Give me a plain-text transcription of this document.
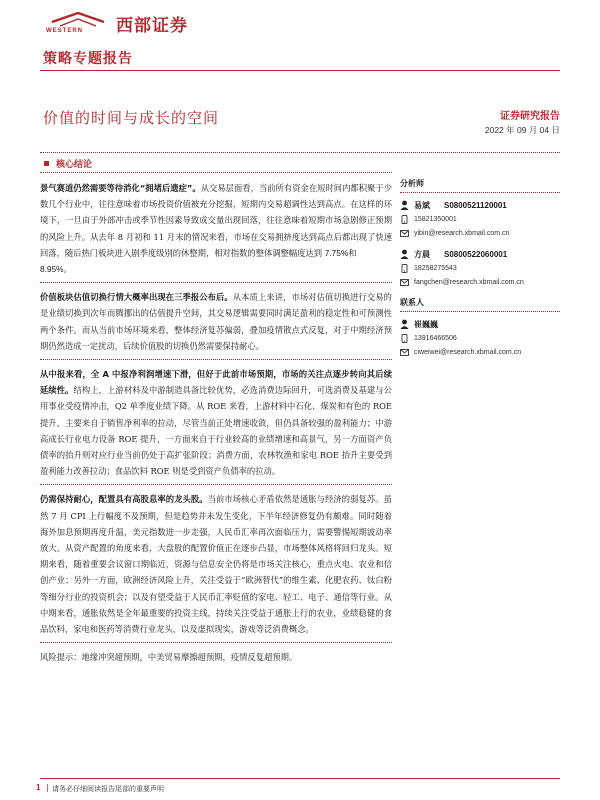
WESTERN 西部证券
策略专题报告
价值的时间与成长的空间	证券研究报告
2022 年 09 月 04 日
核心结论

景气赛道仍然需要等待消化“拥堵后遗症”。从交易层面看，当前所有资金在短时间内都积聚于少数几个行业中，往往意味着市场投资价值被充分挖掘，短期内交易超调性达到高点。在这样的环境下，一旦由于外部冲击或季节性因素导致成交量出现回落，往往意味着短期市场急剧修正预期的风险上升。从去年 8 月初和 11 月末的情况来看，市场在交易拥挤度达到高点后都出现了快速回落，随后热门板块进入剧季度级别的休整期，相对指数的整体调整幅度达到 7.75%和
8.95%。

价值板块估值切换行情大概率出现在三季报公布后。从本质上来讲，市场对估值切换进行交易的是业绩切换到次年而腾挪出的估值提升空间，其交易逻辑需要同时满足盈利的稳定性和可预测性两个条件。而从当前市场环境来看，整体经济复苏偏弱，叠加疫情散点式反复，对于中期经济预期仍然造成一定扰动，后续价值股的切换仍然需要保持耐心。

从中报来看，全 A 中报净利润增速下滑，但好于此前市场预期，市场的关注点逐步转向其后续延续性。结构上，上游材料及中游制造具备比较优势，必选消费边际回升，可选消费及基建与公用事业受疫情冲击，Q2 单季度业绩下降。从 ROE 来看，上游材料中石化、煤炭和有色的 ROE 提升，主要来自于销售净利率的拉动，尽管当前正处增速收敛，但仍具备较强的盈利能力；中游高成长行业电力设备 ROE 提升，一方面来自于行业较高的业绩增速和高景气，另一方面资产负债率的抬升则对应行业当前仍处于高扩张阶段；消费方面，农林牧渔和家电 ROE 抬升主要受到盈利能力改善拉动；食品饮料 ROE 则是受到资产负债率的拉动。

仍需保持耐心，配置具有高股息率的龙头股。当前市场核心矛盾依然是通胀与经济的弱复苏。虽然 7 月 CPI 上行幅度不及预期，但是趋势并未发生变化，下半年经济修复仍有颇难。同时随着海外加息预期再度升温，美元指数进一步走强，人民币汇率再次面临压力，需要警惕短期波动率放大。从资产配置的角度来看，大盘股的配置价值正在逐步凸显，市场整体风格将回归龙头。短期来看，随着重要会议窗口期临近，资源与信息安全仍将是市场关注核心，重点火电、农业和信创产业；另外一方面，欧洲经济风险上升，关注受益于“欧洲替代”的维生素、化肥农药、钛白粉等细分行业的投资机会；以及有望受益于人民币汇率贬值的家电、轻工、电子、通信等行业。从中期来看，通胀依然是全年最重要的投资主线，持续关注受益于通胀上行的农业，业绩稳健的食品饮料，家电和医药等消费行业龙头，以及虚拟现实，游戏等泛消费概念。

风险提示：地缘冲突超预期，中美贸易摩擦超预期，疫情反复超预期。

分析师
易斌	S0800521120001
15821350001
yibin@research.xbmail.com.cn
方晨	S0800522060001
18258275543
fangchen@research.xbmail.com.cn
联系人
崔巍巍
13916466506
ciweiwei@research.xbmail.com.cn
1 | 请务必仔细阅读报告尾部的重要声明
